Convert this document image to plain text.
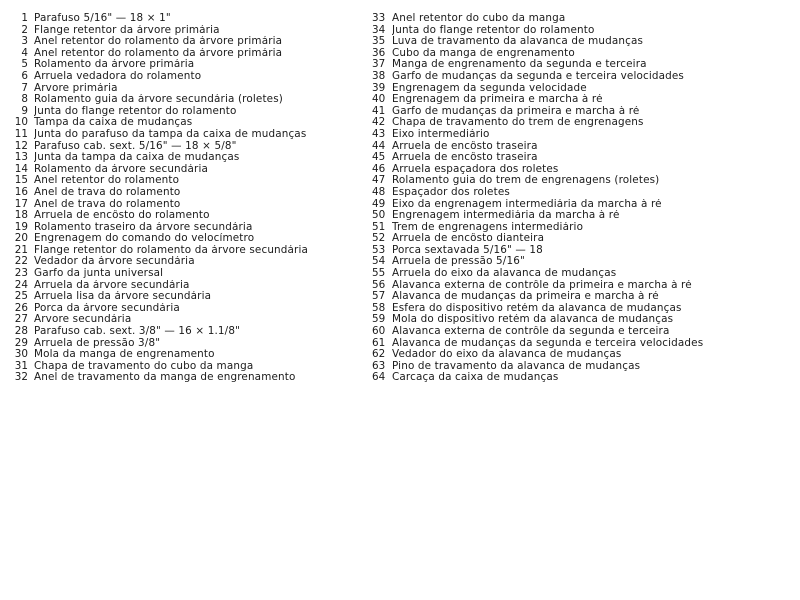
1 Parafuso 5/16" — 18 × 1"
2 Flange retentor da árvore primária
3 Anel retentor do rolamento da árvore primária
4 Anel retentor do rolamento da árvore primária
5 Rolamento da árvore primária
6 Arruela vedadora do rolamento
7 Árvore primária
8 Rolamento guia da árvore secundária (roletes)
9 Junta do flange retentor do rolamento
10 Tampa da caixa de mudanças
11 Junta do parafuso da tampa da caixa de mudanças
12 Parafuso cab. sext. 5/16" — 18 × 5/8"
13 Junta da tampa da caixa de mudanças
14 Rolamento da árvore secundária
15 Anel retentor do rolamento
16 Anel de trava do rolamento
17 Anel de trava do rolamento
18 Arruela de encôsto do rolamento
19 Rolamento traseiro da árvore secundária
20 Engrenagem do comando do velocímetro
21 Flange retentor do rolamento da árvore secundária
22 Vedador da árvore secundária
23 Garfo da junta universal
24 Arruela da árvore secundária
25 Arruela lisa da árvore secundária
26 Porca da árvore secundária
27 Árvore secundária
28 Parafuso cab. sext. 3/8" — 16 × 1.1/8"
29 Arruela de pressão 3/8"
30 Mola da manga de engrenamento
31 Chapa de travamento do cubo da manga
32 Anel de travamento da manga de engrenamento
33 Anel retentor do cubo da manga
34 Junta do flange retentor do rolamento
35 Luva de travamento da alavanca de mudanças
36 Cubo da manga de engrenamento
37 Manga de engrenamento da segunda e terceira
38 Garfo de mudanças da segunda e terceira velocidades
39 Engrenagem da segunda velocidade
40 Engrenagem da primeira e marcha à ré
41 Garfo de mudanças da primeira e marcha à ré
42 Chapa de travamento do trem de engrenagens
43 Eixo intermediário
44 Arruela de encôsto traseira
45 Arruela de encôsto traseira
46 Arruela espaçadora dos roletes
47 Rolamento guia do trem de engrenagens (roletes)
48 Espaçador dos roletes
49 Eixo da engrenagem intermediária da marcha à ré
50 Engrenagem intermediária da marcha à ré
51 Trem de engrenagens intermediário
52 Arruela de encôsto dianteira
53 Porca sextavada 5/16" — 18
54 Arruela de pressão 5/16"
55 Arruela do eixo da alavanca de mudanças
56 Alavanca externa de contrôle da primeira e marcha à ré
57 Alavanca de mudanças da primeira e marcha à ré
58 Esfera do dispositivo retém da alavanca de mudanças
59 Mola do dispositivo retém da alavanca de mudanças
60 Alavanca externa de contrôle da segunda e terceira
61 Alavanca de mudanças da segunda e terceira velocidades
62 Vedador do eixo da alavanca de mudanças
63 Pino de travamento da alavanca de mudanças
64 Carcaça da caixa de mudanças
